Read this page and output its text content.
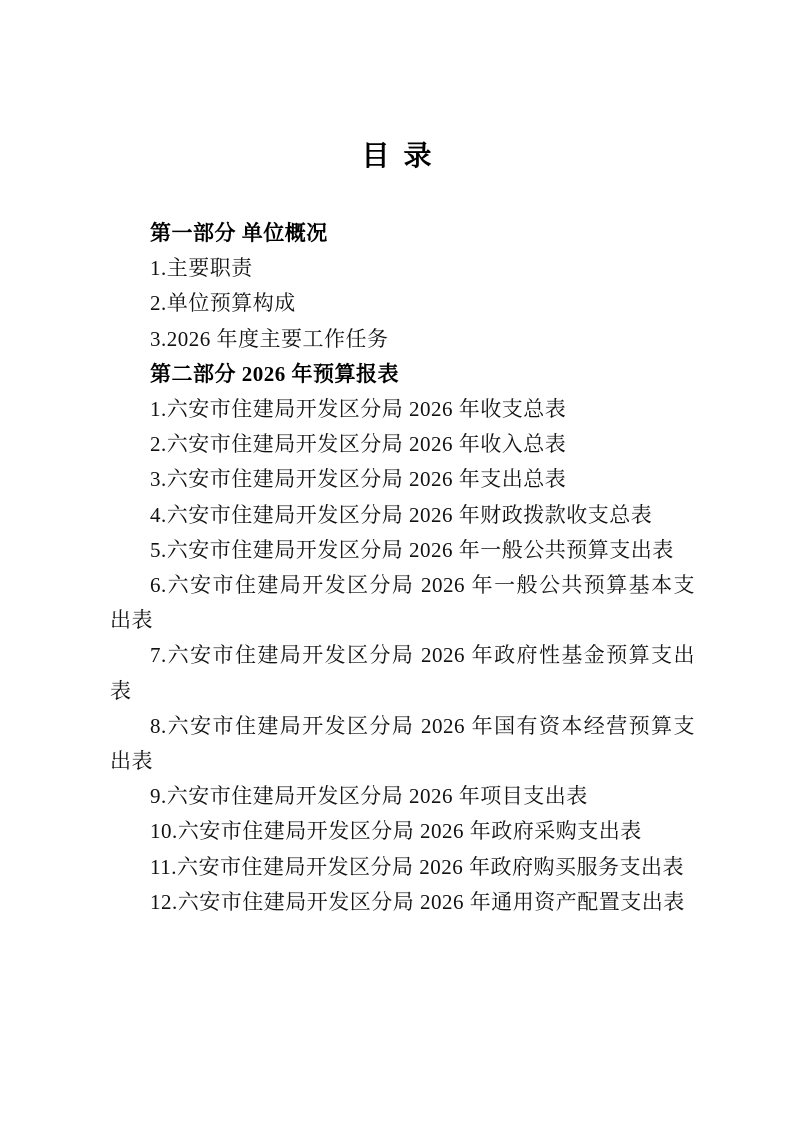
目  录

第一部分 单位概况

1.主要职责

2.单位预算构成

3.2026 年度主要工作任务

第二部分 2026 年预算报表

1.六安市住建局开发区分局 2026 年收支总表

2.六安市住建局开发区分局 2026 年收入总表

3.六安市住建局开发区分局 2026 年支出总表

4.六安市住建局开发区分局 2026 年财政拨款收支总表

5.六安市住建局开发区分局 2026 年一般公共预算支出表

6.六安市住建局开发区分局 2026 年一般公共预算基本支出表

7.六安市住建局开发区分局 2026 年政府性基金预算支出表

8.六安市住建局开发区分局 2026 年国有资本经营预算支出表

9.六安市住建局开发区分局 2026 年项目支出表

10.六安市住建局开发区分局 2026 年政府采购支出表

11.六安市住建局开发区分局 2026 年政府购买服务支出表

12.六安市住建局开发区分局 2026 年通用资产配置支出表
